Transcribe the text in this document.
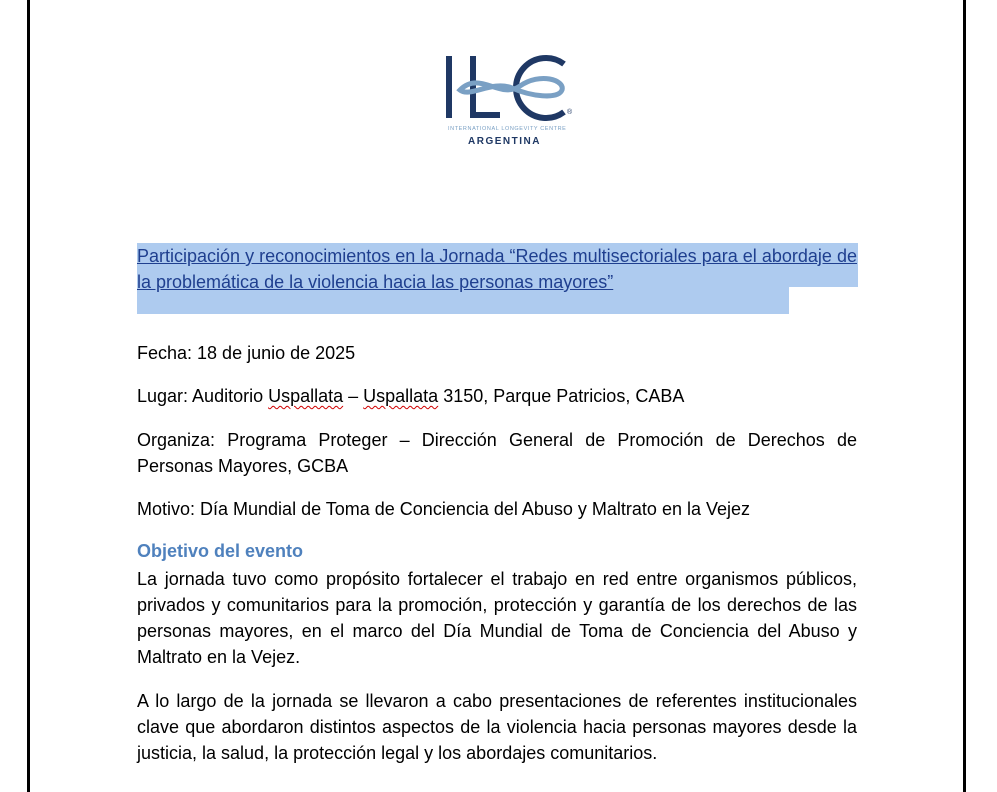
®
INTERNATIONAL LONGEVITY CENTRE
ARGENTINA
Participación y reconocimientos en la Jornada “Redes multisectoriales para el abordaje de la problemática de la violencia hacia las personas mayores”
Fecha: 18 de junio de 2025
Lugar: Auditorio Uspallata – Uspallata 3150, Parque Patricios, CABA
Organiza: Programa Proteger – Dirección General de Promoción de Derechos de Personas Mayores, GCBA
Motivo: Día Mundial de Toma de Conciencia del Abuso y Maltrato en la Vejez
Objetivo del evento
La jornada tuvo como propósito fortalecer el trabajo en red entre organismos públicos, privados y comunitarios para la promoción, protección y garantía de los derechos de las personas mayores, en el marco del Día Mundial de Toma de Conciencia del Abuso y Maltrato en la Vejez.
A lo largo de la jornada se llevaron a cabo presentaciones de referentes institucionales clave que abordaron distintos aspectos de la violencia hacia personas mayores desde la justicia, la salud, la protección legal y los abordajes comunitarios.
